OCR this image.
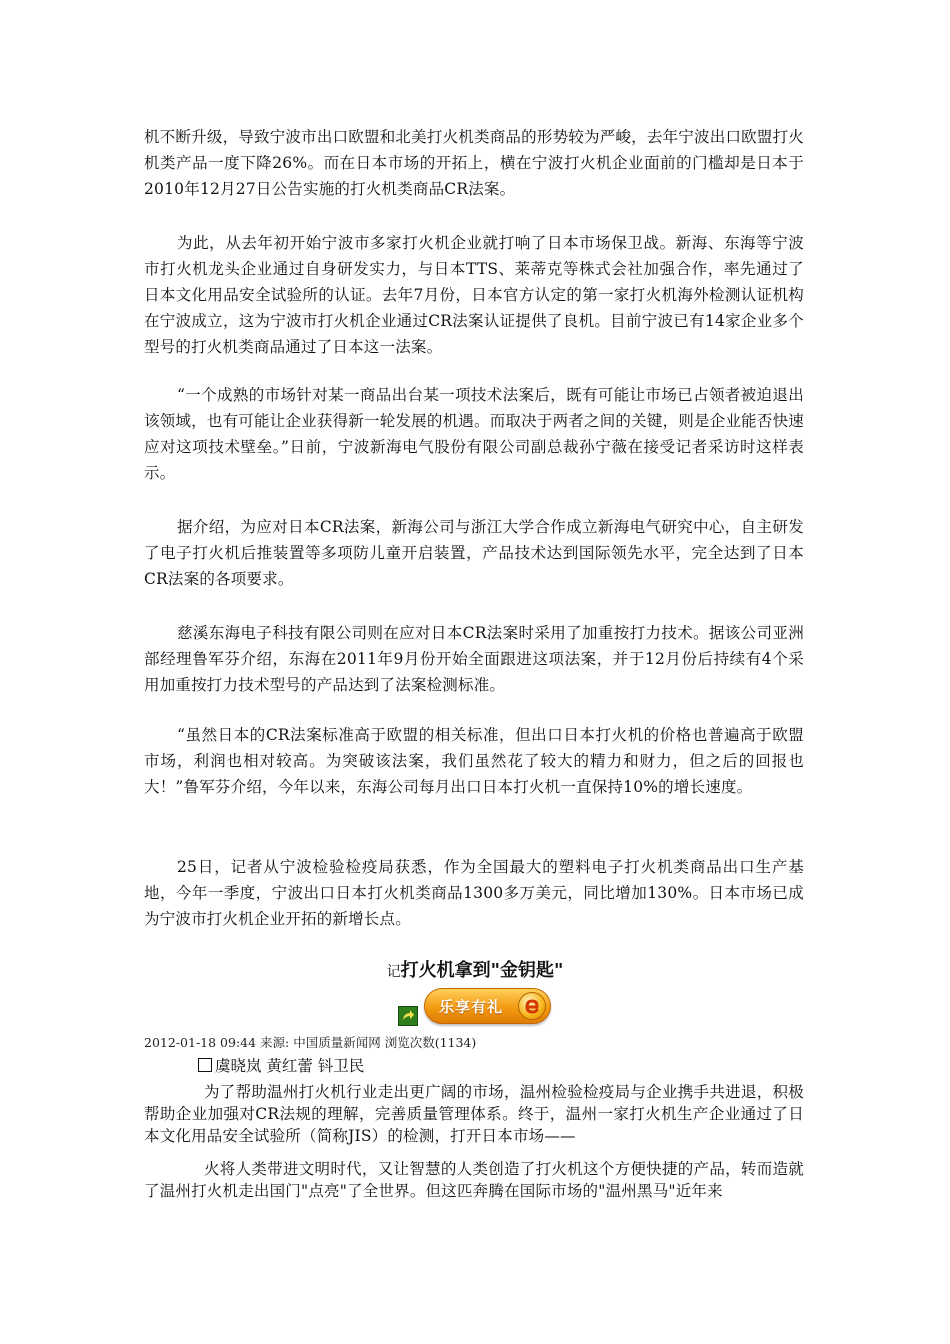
机不断升级，导致宁波市出口欧盟和北美打火机类商品的形势较为严峻，去年宁波出口欧盟打火机类产品一度下降26%。而在日本市场的开拓上，横在宁波打火机企业面前的门槛却是日本于2010年12月27日公告实施的打火机类商品CR法案。

为此，从去年初开始宁波市多家打火机企业就打响了日本市场保卫战。新海、东海等宁波市打火机龙头企业通过自身研发实力，与日本TTS、莱蒂克等株式会社加强合作，率先通过了日本文化用品安全试验所的认证。去年7月份，日本官方认定的第一家打火机海外检测认证机构在宁波成立，这为宁波市打火机企业通过CR法案认证提供了良机。目前宁波已有14家企业多个型号的打火机类商品通过了日本这一法案。

“一个成熟的市场针对某一商品出台某一项技术法案后，既有可能让市场已占领者被迫退出该领域，也有可能让企业获得新一轮发展的机遇。而取决于两者之间的关键，则是企业能否快速应对这项技术壁垒。”日前，宁波新海电气股份有限公司副总裁孙宁薇在接受记者采访时这样表示。

据介绍，为应对日本CR法案，新海公司与浙江大学合作成立新海电气研究中心，自主研发了电子打火机后推装置等多项防儿童开启装置，产品技术达到国际领先水平，完全达到了日本CR法案的各项要求。

慈溪东海电子科技有限公司则在应对日本CR法案时采用了加重按打力技术。据该公司亚洲部经理鲁军芬介绍，东海在2011年9月份开始全面跟进这项法案，并于12月份后持续有4个采用加重按打力技术型号的产品达到了法案检测标准。

“虽然日本的CR法案标准高于欧盟的相关标准，但出口日本打火机的价格也普遍高于欧盟市场，利润也相对较高。为突破该法案，我们虽然花了较大的精力和财力，但之后的回报也大！”鲁军芬介绍，今年以来，东海公司每月出口日本打火机一直保持10%的增长速度。

25日，记者从宁波检验检疫局获悉，作为全国最大的塑料电子打火机类商品出口生产基地，今年一季度，宁波出口日本打火机类商品1300多万美元，同比增加130%。日本市场已成为宁波市打火机企业开拓的新增长点。

记打火机拿到"金钥匙"
乐享有礼
2012-01-18 09:44 来源: 中国质量新闻网 浏览次数(1134)
虞晓岚 黄红蕾 钭卫民

为了帮助温州打火机行业走出更广阔的市场，温州检验检疫局与企业携手共进退，积极帮助企业加强对CR法规的理解，完善质量管理体系。终于，温州一家打火机生产企业通过了日本文化用品安全试验所（简称JIS）的检测，打开日本市场——

火将人类带进文明时代，又让智慧的人类创造了打火机这个方便快捷的产品，转而造就了温州打火机走出国门"点亮"了全世界。但这匹奔腾在国际市场的"温州黑马"近年来
